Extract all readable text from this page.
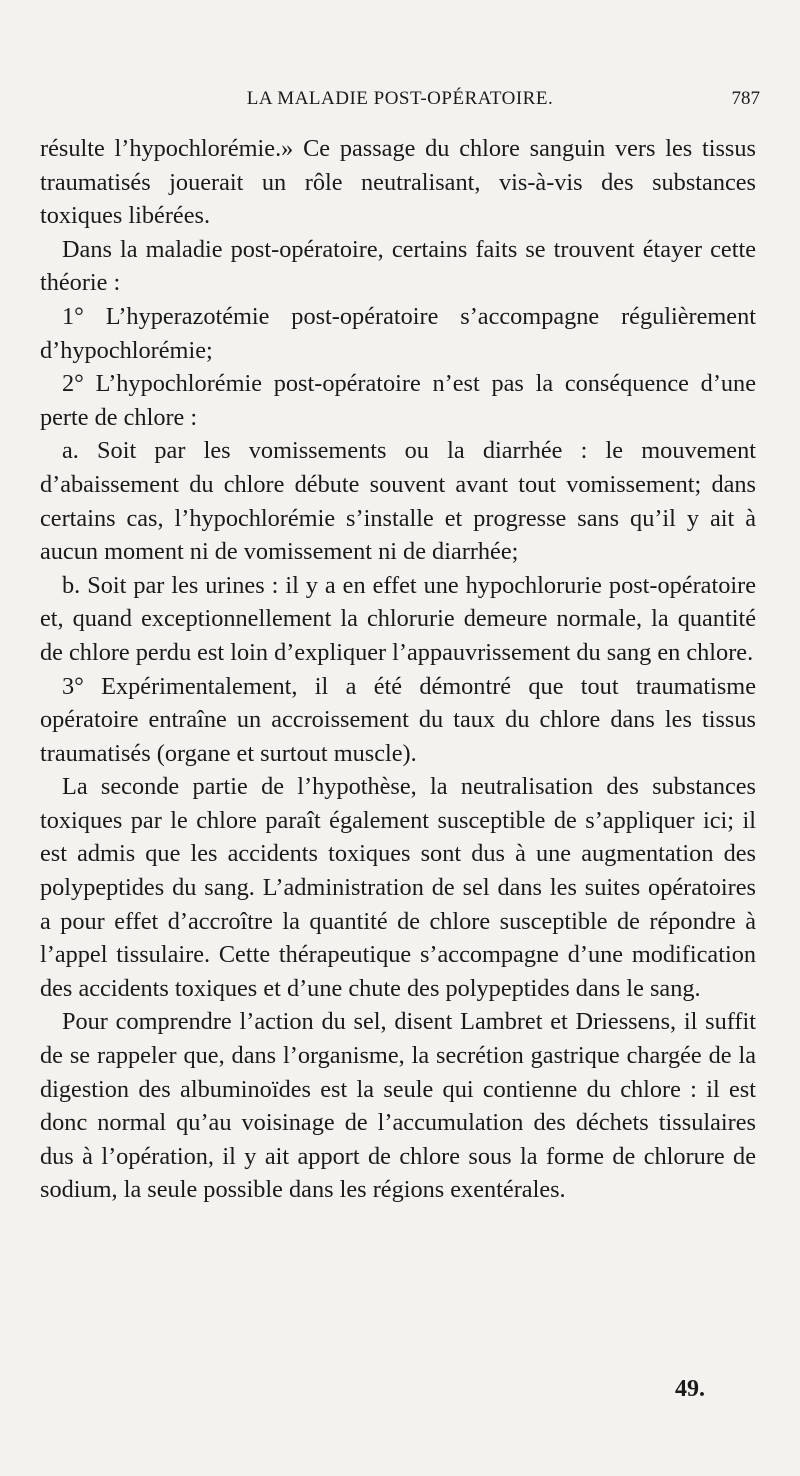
LA MALADIE POST-OPÉRATOIRE.	787

résulte l’hypochlorémie.» Ce passage du chlore sanguin vers les tissus traumatisés jouerait un rôle neutralisant, vis-à-vis des substances toxiques libérées.

Dans la maladie post-opératoire, certains faits se trouvent étayer cette théorie :

1° L’hyperazotémie post-opératoire s’accompagne régulièrement d’hypochlorémie;

2° L’hypochlorémie post-opératoire n’est pas la conséquence d’une perte de chlore :

a. Soit par les vomissements ou la diarrhée : le mouvement d’abaissement du chlore débute souvent avant tout vomissement; dans certains cas, l’hypochlorémie s’installe et progresse sans qu’il y ait à aucun moment ni de vomissement ni de diarrhée;

b. Soit par les urines : il y a en effet une hypochlorurie post-opératoire et, quand exceptionnellement la chlorurie demeure normale, la quantité de chlore perdu est loin d’expliquer l’appauvrissement du sang en chlore.

3° Expérimentalement, il a été démontré que tout traumatisme opératoire entraîne un accroissement du taux du chlore dans les tissus traumatisés (organe et surtout muscle).

La seconde partie de l’hypothèse, la neutralisation des substances toxiques par le chlore paraît également susceptible de s’appliquer ici; il est admis que les accidents toxiques sont dus à une augmentation des polypeptides du sang. L’administration de sel dans les suites opératoires a pour effet d’accroître la quantité de chlore susceptible de répondre à l’appel tissulaire. Cette thérapeutique s’accompagne d’une modification des accidents toxiques et d’une chute des polypeptides dans le sang.

Pour comprendre l’action du sel, disent Lambret et Driessens, il suffit de se rappeler que, dans l’organisme, la secrétion gastrique chargée de la digestion des albuminoïdes est la seule qui contienne du chlore : il est donc normal qu’au voisinage de l’accumulation des déchets tissulaires dus à l’opération, il y ait apport de chlore sous la forme de chlorure de sodium, la seule possible dans les régions exentérales.

49.
